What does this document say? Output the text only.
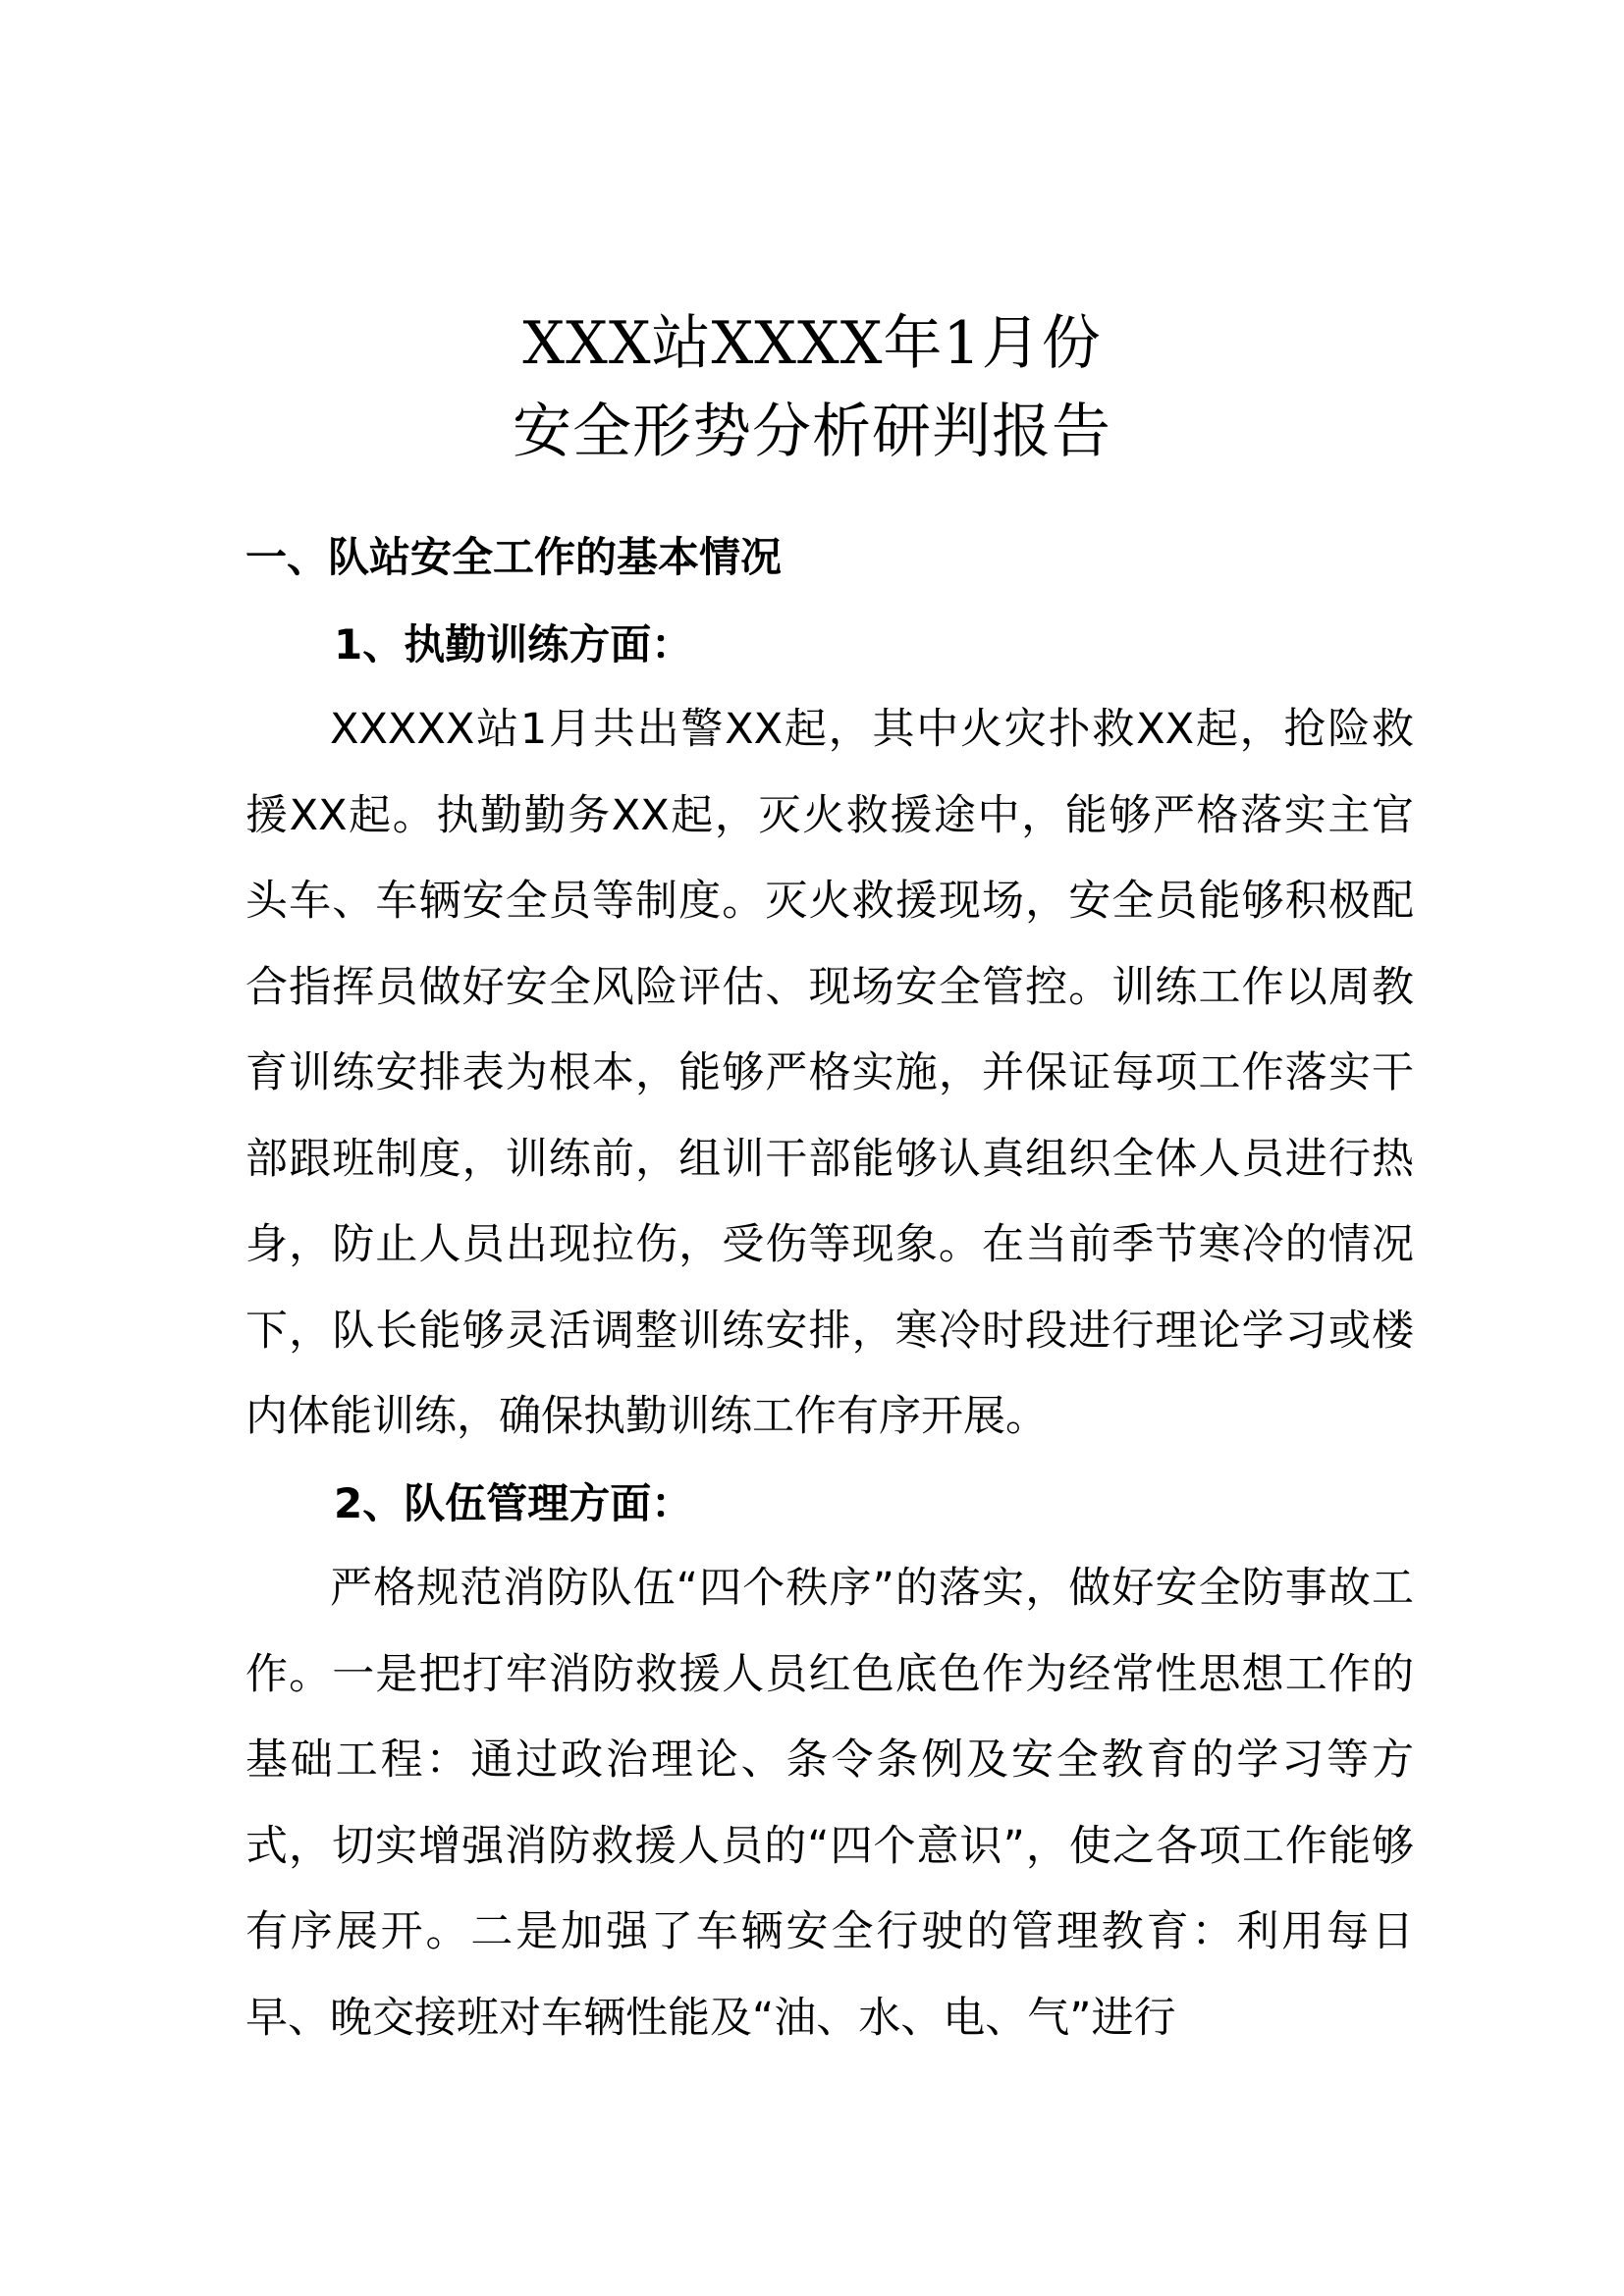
XXX站XXXX年1月份
安全形势分析研判报告
一、队站安全工作的基本情况
1、执勤训练方面：

XXXXX站1月共出警XX起，其中火灾扑救XX起，抢险救援XX起。执勤勤务XX起，灭火救援途中，能够严格落实主官头车、车辆安全员等制度。灭火救援现场，安全员能够积极配合指挥员做好安全风险评估、现场安全管控。训练工作以周教育训练安排表为根本，能够严格实施，并保证每项工作落实干部跟班制度，训练前，组训干部能够认真组织全体人员进行热身，防止人员出现拉伤，受伤等现象。在当前季节寒冷的情况下，队长能够灵活调整训练安排，寒冷时段进行理论学习或楼内体能训练，确保执勤训练工作有序开展。

2、队伍管理方面：

严格规范消防队伍“四个秩序”的落实，做好安全防事故工作。一是把打牢消防救援人员红色底色作为经常性思想工作的基础工程：通过政治理论、条令条例及安全教育的学习等方式，切实增强消防救援人员的“四个意识”，使之各项工作能够有序展开。二是加强了车辆安全行驶的管理教育：利用每日早、晚交接班对车辆性能及“油、水、电、气”进行
